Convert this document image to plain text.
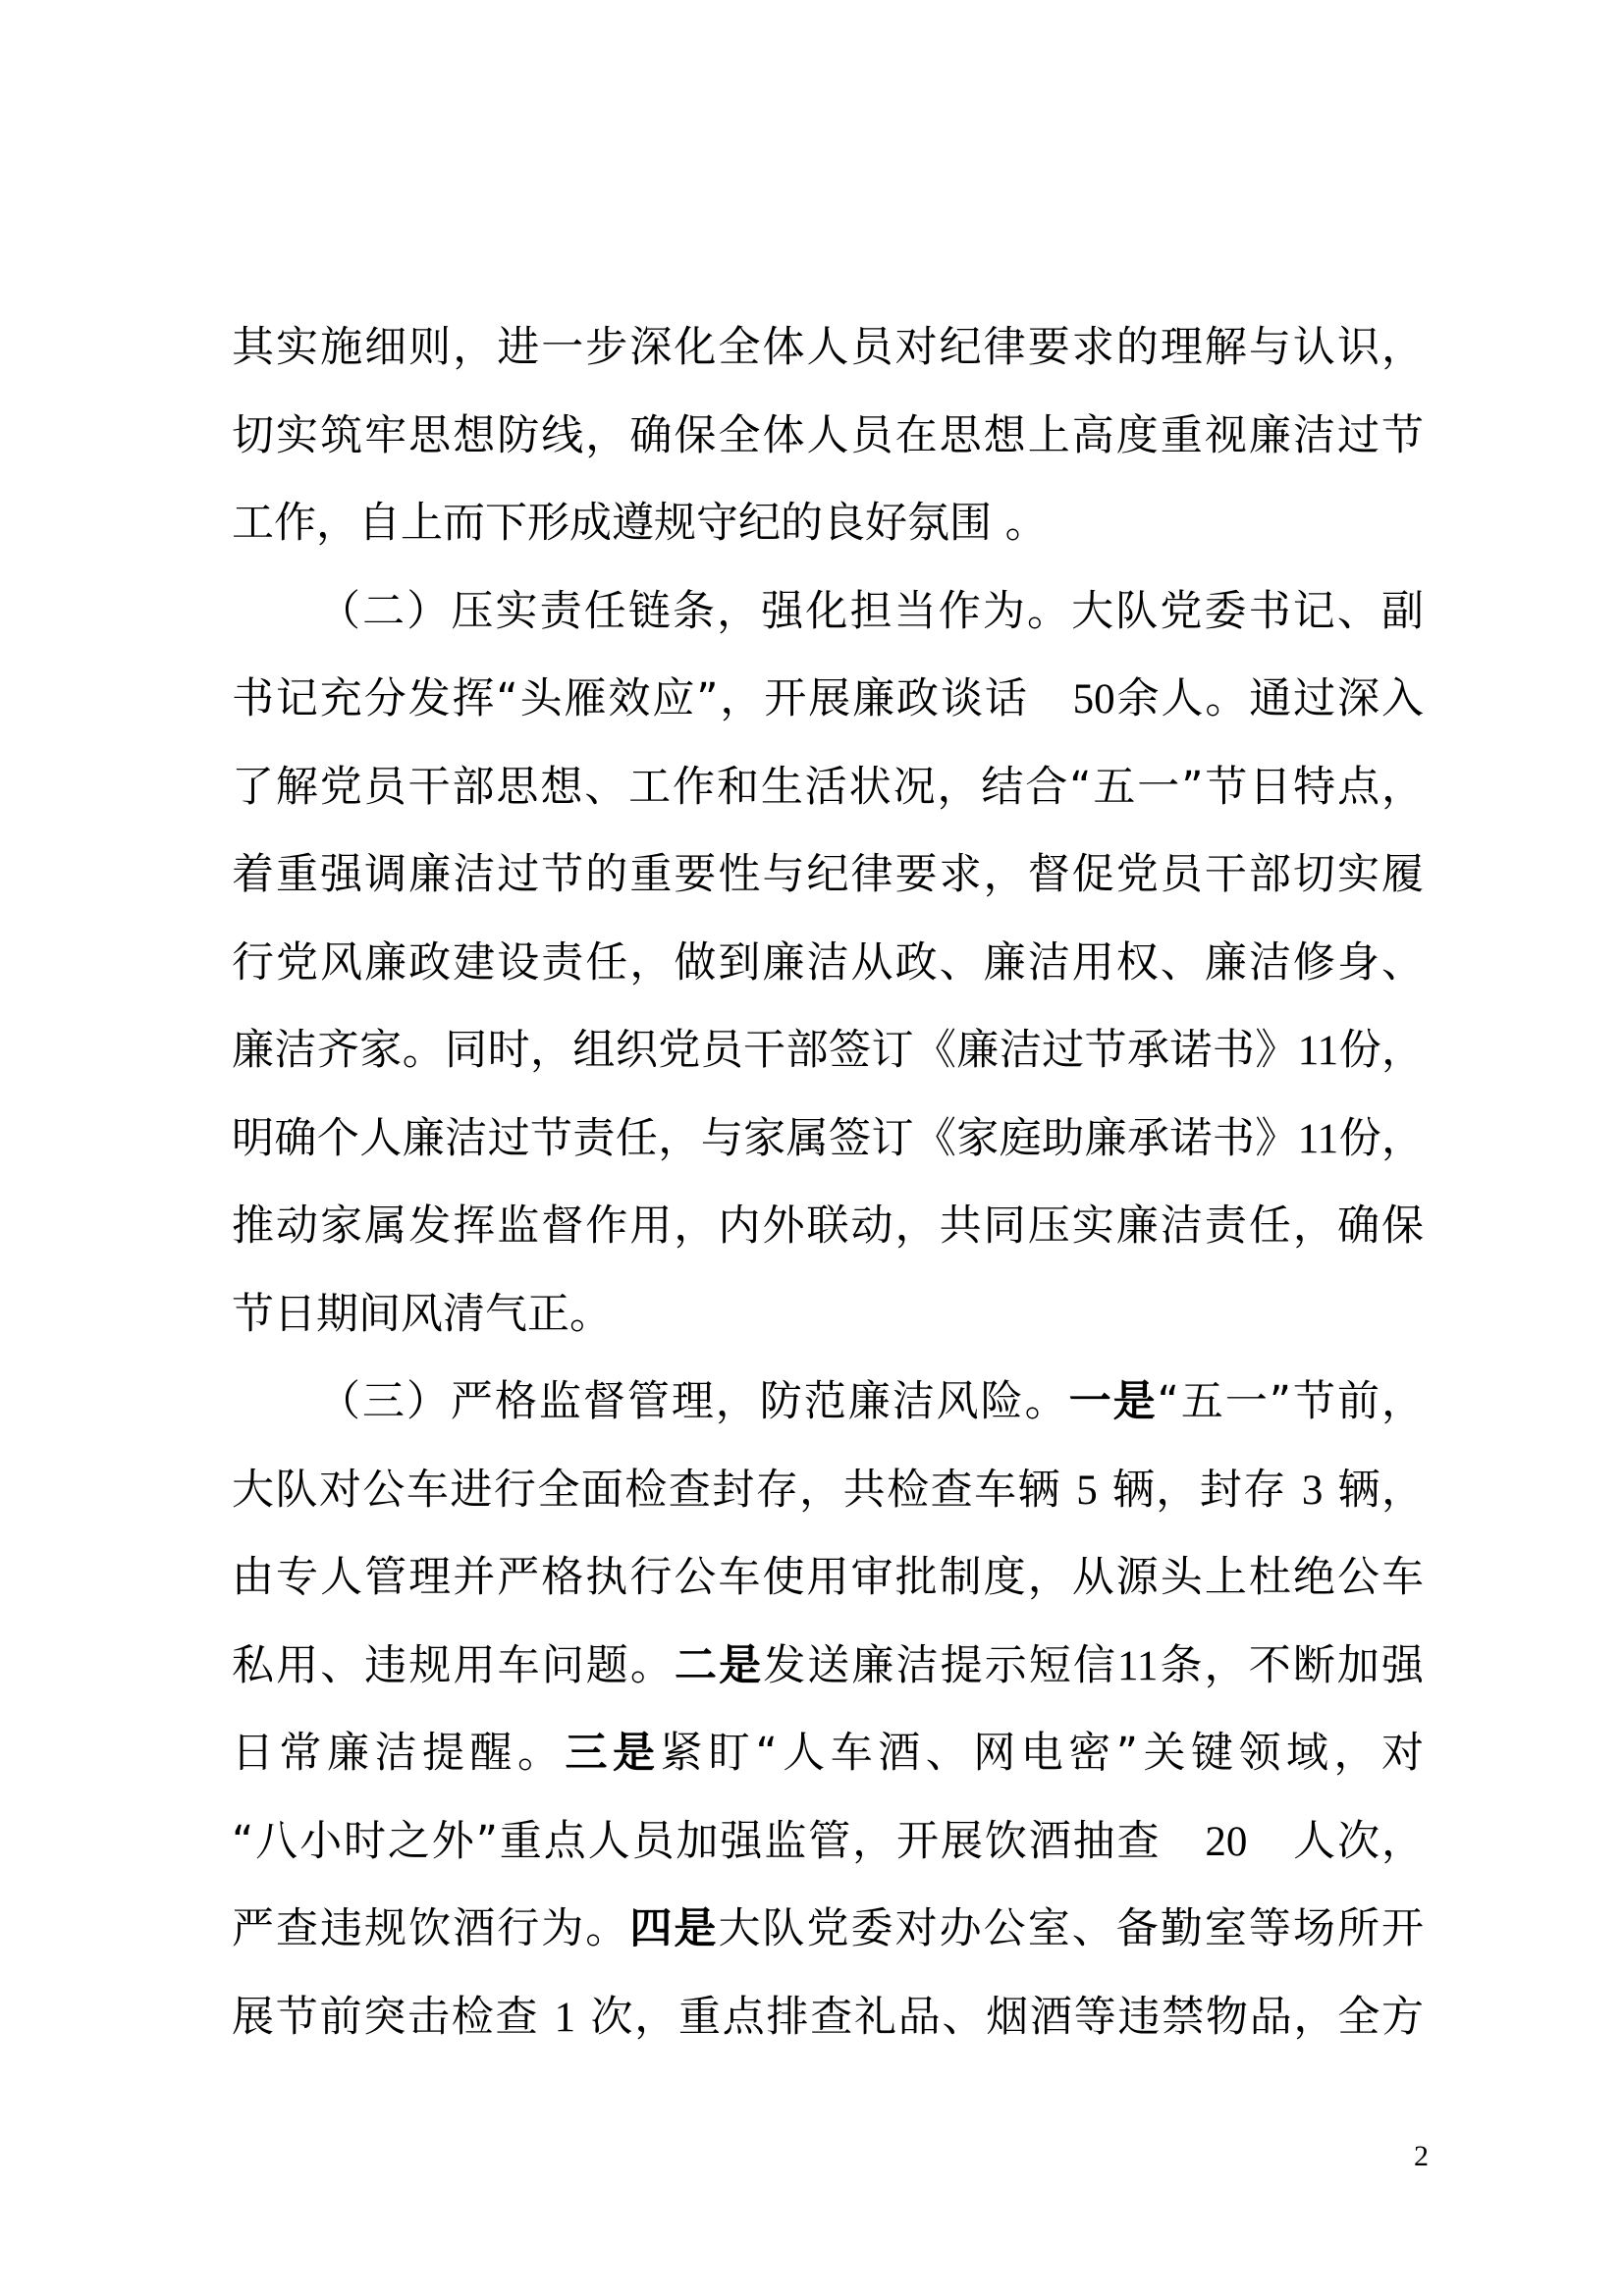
其实施细则，进一步深化全体人员对纪律要求的理解与认识，
切实筑牢思想防线，确保全体人员在思想上高度重视廉洁过节
工作，自上而下形成遵规守纪的良好氛围 。
（二）压实责任链条，强化担当作为。大队党委书记、副
书记充分发挥“头雁效应”，开展廉政谈话　50余人。通过深入
了解党员干部思想、工作和生活状况，结合“五一”节日特点，
着重强调廉洁过节的重要性与纪律要求，督促党员干部切实履
行党风廉政建设责任，做到廉洁从政、廉洁用权、廉洁修身、
廉洁齐家。同时，组织党员干部签订《廉洁过节承诺书》11份，
明确个人廉洁过节责任，与家属签订《家庭助廉承诺书》11份，
推动家属发挥监督作用，内外联动，共同压实廉洁责任，确保
节日期间风清气正。
（三）严格监督管理，防范廉洁风险。一是“五一”节前，
大队对公车进行全面检查封存，共检查车辆 5 辆，封存 3 辆，
由专人管理并严格执行公车使用审批制度，从源头上杜绝公车
私用、违规用车问题。二是发送廉洁提示短信11条，不断加强
日常廉洁提醒。三是紧盯“人车酒、网电密”关键领域，对
“八小时之外”重点人员加强监管，开展饮酒抽查　20　人次，
严查违规饮酒行为。四是大队党委对办公室、备勤室等场所开
展节前突击检查 1 次，重点排查礼品、烟酒等违禁物品，全方
2
